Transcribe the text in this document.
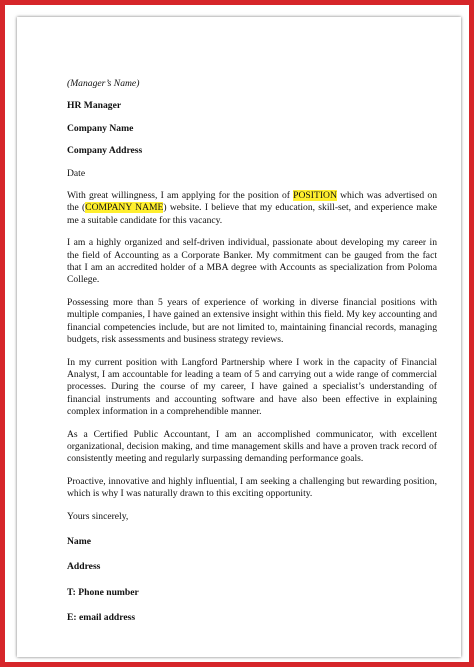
(Manager’s Name)

HR Manager

Company Name

Company Address

Date

With great willingness, I am applying for the position of POSITION which was advertised on the (COMPANY NAME) website. I believe that my education, skill-set, and experience make me a suitable candidate for this vacancy.

I am a highly organized and self-driven individual, passionate about developing my career in the field of Accounting as a Corporate Banker. My commitment can be gauged from the fact that I am an accredited holder of a MBA degree with Accounts as specialization from Poloma College.

Possessing more than 5 years of experience of working in diverse financial positions with multiple companies, I have gained an extensive insight within this field. My key accounting and financial competencies include, but are not limited to, maintaining financial records, managing budgets, risk assessments and business strategy reviews.

In my current position with Langford Partnership where I work in the capacity of Financial Analyst, I am accountable for leading a team of 5 and carrying out a wide range of commercial processes. During the course of my career, I have gained a specialist’s understanding of financial instruments and accounting software and have also been effective in explaining complex information in a comprehendible manner.

As a Certified Public Accountant, I am an accomplished communicator, with excellent organizational, decision making, and time management skills and have a proven track record of consistently meeting and regularly surpassing demanding performance goals.

Proactive, innovative and highly influential, I am seeking a challenging but rewarding position, which is why I was naturally drawn to this exciting opportunity.

Yours sincerely,

Name

Address

T: Phone number

E: email address
